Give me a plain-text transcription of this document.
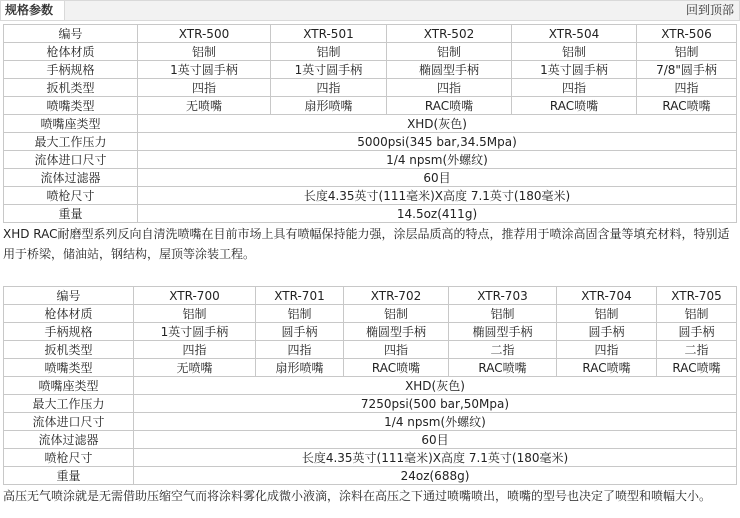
规格参数	回到顶部
编号	XTR-500	XTR-501	XTR-502	XTR-504	XTR-506
枪体材质	铝制	铝制	铝制	铝制	铝制
手柄规格	1英寸圆手柄	1英寸圆手柄	椭圆型手柄	1英寸圆手柄	7/8"圆手柄
扳机类型	四指	四指	四指	四指	四指
喷嘴类型	无喷嘴	扇形喷嘴	RAC喷嘴	RAC喷嘴	RAC喷嘴
喷嘴座类型	XHD(灰色)				
最大工作压力	5000psi(345 bar,34.5Mpa)				
流体进口尺寸	1/4 npsm(外螺纹)				
流体过滤器	60目				
喷枪尺寸	长度4.35英寸(111毫米)X高度 7.1英寸(180毫米)				
重量	14.5oz(411g)				
XHD RAC耐磨型系列反向自清洗喷嘴在目前市场上具有喷幅保持能力强，涂层品质高的特点，推荐用于喷涂高固含量等填充材料，特别适用于桥梁，储油站，钢结构，屋顶等涂装工程。
编号	XTR-700	XTR-701	XTR-702	XTR-703	XTR-704	XTR-705
枪体材质	铝制	铝制	铝制	铝制	铝制	铝制
手柄规格	1英寸圆手柄	圆手柄	椭圆型手柄	椭圆型手柄	圆手柄	圆手柄
扳机类型	四指	四指	四指	二指	四指	二指
喷嘴类型	无喷嘴	扇形喷嘴	RAC喷嘴	RAC喷嘴	RAC喷嘴	RAC喷嘴
喷嘴座类型	XHD(灰色)					
最大工作压力	7250psi(500 bar,50Mpa)					
流体进口尺寸	1/4 npsm(外螺纹)					
流体过滤器	60目					
喷枪尺寸	长度4.35英寸(111毫米)X高度 7.1英寸(180毫米)					
重量	24oz(688g)					
高压无气喷涂就是无需借助压缩空气而将涂料雾化成微小液滴，涂料在高压之下通过喷嘴喷出，喷嘴的型号也决定了喷型和喷幅大小。
